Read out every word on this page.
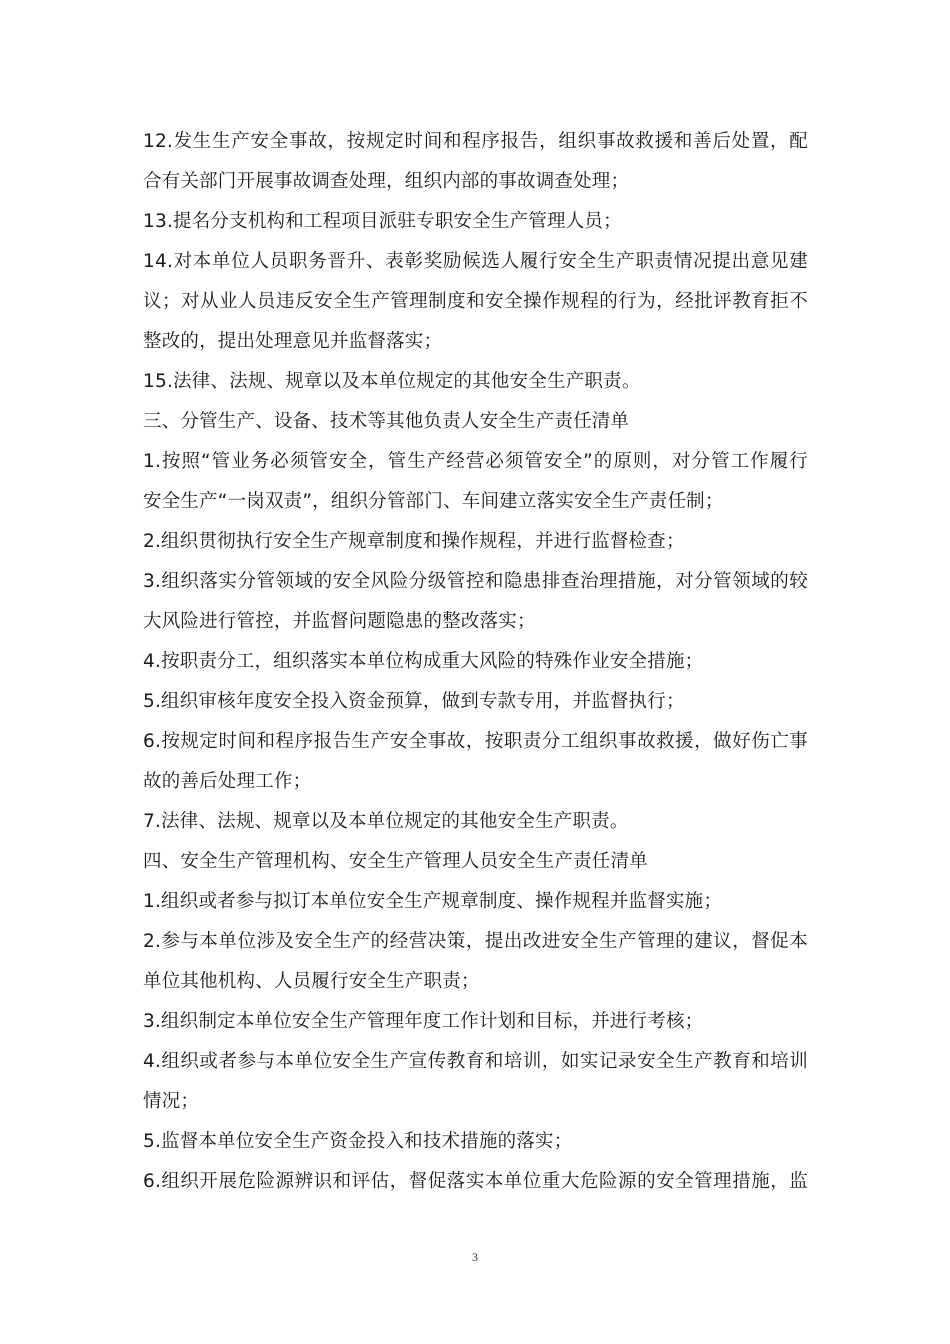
12.发生生产安全事故，按规定时间和程序报告，组织事故救援和善后处置，配
合有关部门开展事故调查处理，组织内部的事故调查处理；
13.提名分支机构和工程项目派驻专职安全生产管理人员；
14.对本单位人员职务晋升、表彰奖励候选人履行安全生产职责情况提出意见建
议；对从业人员违反安全生产管理制度和安全操作规程的行为，经批评教育拒不
整改的，提出处理意见并监督落实；
15.法律、法规、规章以及本单位规定的其他安全生产职责。
三、分管生产、设备、技术等其他负责人安全生产责任清单
1.按照“管业务必须管安全，管生产经营必须管安全”的原则，对分管工作履行
安全生产“一岗双责”，组织分管部门、车间建立落实安全生产责任制；
2.组织贯彻执行安全生产规章制度和操作规程，并进行监督检查；
3.组织落实分管领域的安全风险分级管控和隐患排查治理措施，对分管领域的较
大风险进行管控，并监督问题隐患的整改落实；
4.按职责分工，组织落实本单位构成重大风险的特殊作业安全措施；
5.组织审核年度安全投入资金预算，做到专款专用，并监督执行；
6.按规定时间和程序报告生产安全事故，按职责分工组织事故救援，做好伤亡事
故的善后处理工作；
7.法律、法规、规章以及本单位规定的其他安全生产职责。
四、安全生产管理机构、安全生产管理人员安全生产责任清单
1.组织或者参与拟订本单位安全生产规章制度、操作规程并监督实施；
2.参与本单位涉及安全生产的经营决策，提出改进安全生产管理的建议，督促本
单位其他机构、人员履行安全生产职责；
3.组织制定本单位安全生产管理年度工作计划和目标，并进行考核；
4.组织或者参与本单位安全生产宣传教育和培训，如实记录安全生产教育和培训
情况；
5.监督本单位安全生产资金投入和技术措施的落实；
6.组织开展危险源辨识和评估，督促落实本单位重大危险源的安全管理措施，监
3
